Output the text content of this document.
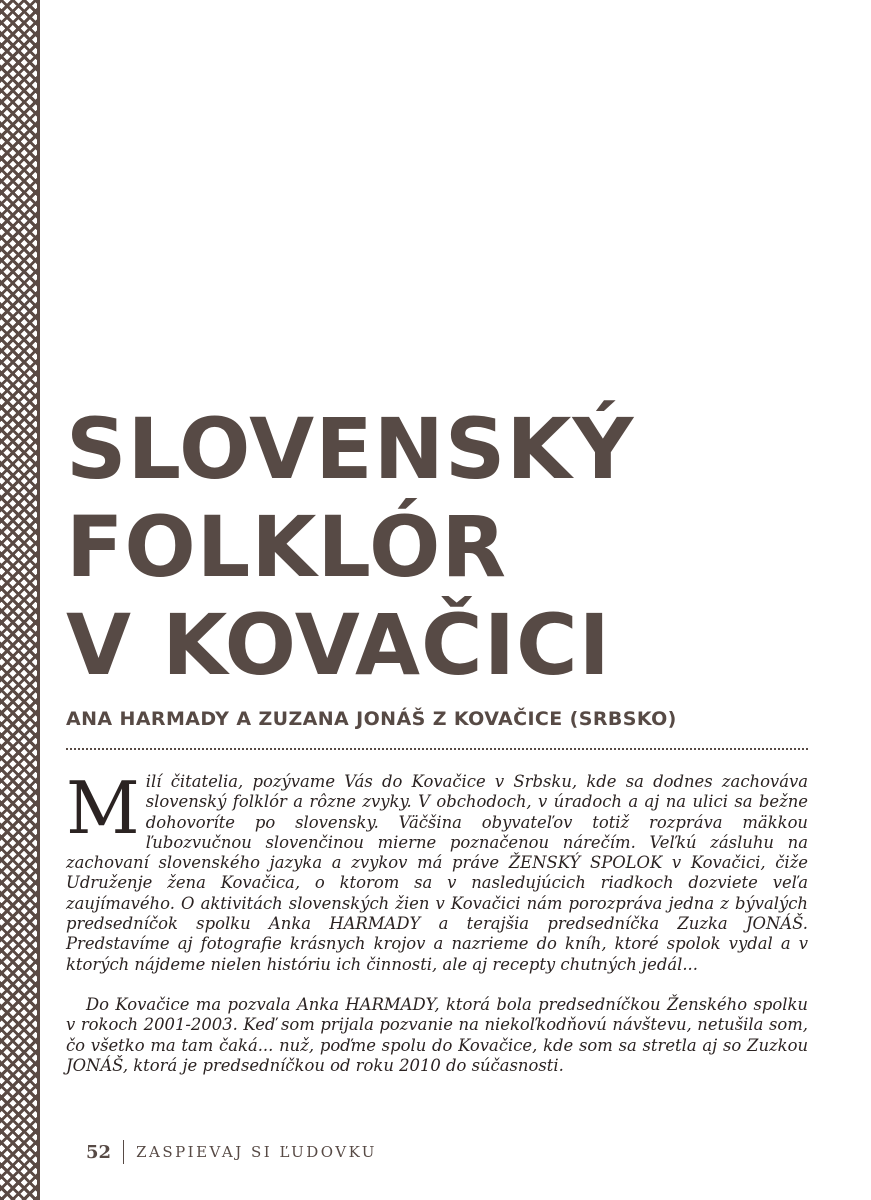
SLOVENSKÝ
FOLKLÓR
V KOVAČICI
ANA HARMADY A ZUZANA JONÁŠ Z KOVAČICE (SRBSKO)

Milí čitatelia, pozývame Vás do Kovačice v Srbsku, kde sa dodnes zachováva slovenský folklór a rôzne zvyky. V obchodoch, v úradoch a aj na ulici sa bežne dohovoríte po slovensky. Väčšina obyvateľov totiž rozpráva mäkkou ľubozvučnou slovenčinou mierne poznačenou nárečím. Veľkú zásluhu na zachovaní slovenského jazyka a zvykov má práve ŽENSKÝ SPOLOK v Kovačici, čiže Udruženje žena Kovačica, o ktorom sa v nasledujúcich riadkoch dozviete veľa zaujímavého. O aktivitách slovenských žien v Kovačici nám porozpráva jedna z bývalých predsedníčok spolku Anka HARMADY a terajšia predsedníčka Zuzka JONÁŠ. Predstavíme aj fotografie krásnych krojov a nazrieme do kníh, ktoré spolok vydal a v ktorých nájdeme nielen históriu ich činnosti, ale aj recepty chutných jedál...

Do Kovačice ma pozvala Anka HARMADY, ktorá bola predsedníčkou Ženského spolku v rokoch 2001-2003. Keď som prijala pozvanie na niekoľkodňovú návštevu, netušila som, čo všetko ma tam čaká... nuž, poďme spolu do Kovačice, kde som sa stretla aj so Zuzkou JONÁŠ, ktorá je predsedníčkou od roku 2010 do súčasnosti.

52 ZASPIEVAJ SI ĽUDOVKU
